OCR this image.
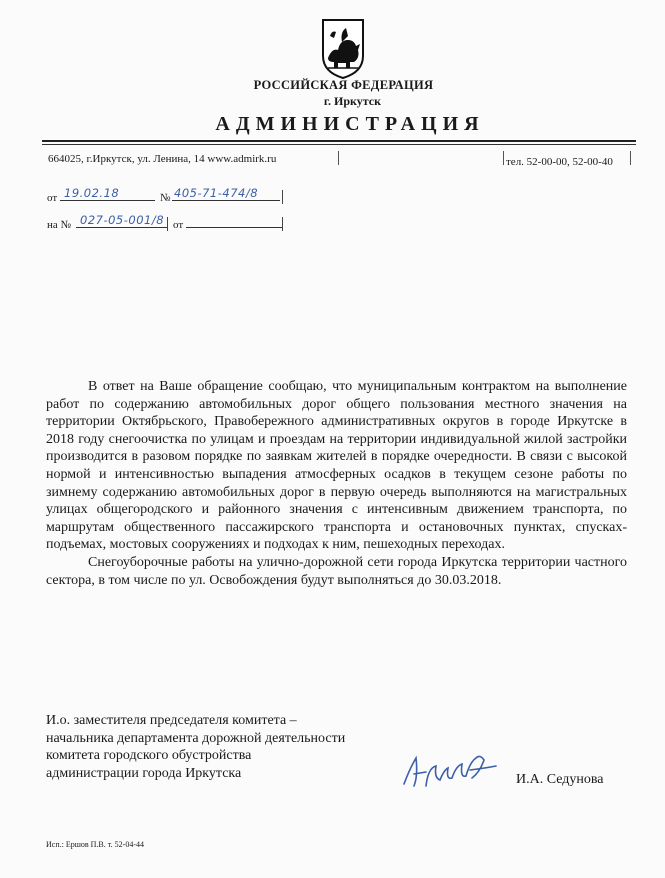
РОССИЙСКАЯ ФЕДЕРАЦИЯ
г. Иркутск
АДМИНИСТРАЦИЯ
664025, г.Иркутск, ул. Ленина, 14 www.admirk.ru	тел. 52-00-00, 52-00-40
от 19.02.18	№ 405-71-474/8
на № 027-05-001/8 от

В ответ на Ваше обращение сообщаю, что муниципальным контрактом на выполнение работ по содержанию автомобильных дорог общего пользования местного значения на территории Октябрьского, Правобережного административных округов в городе Иркутске в 2018 году снегоочистка по улицам и проездам на территории индивидуальной жилой застройки производится в разовом порядке по заявкам жителей в порядке очередности. В связи с высокой нормой и интенсивностью выпадения атмосферных осадков в текущем сезоне работы по зимнему содержанию автомобильных дорог в первую очередь выполняются на магистральных улицах общегородского и районного значения с интенсивным движением транспорта, по маршрутам общественного пассажирского транспорта и остановочных пунктах, спусках-подъемах, мостовых сооружениях и подходах к ним, пешеходных переходах.

Снегоуборочные работы на улично-дорожной сети города Иркутска территории частного сектора, в том числе по ул. Освобождения будут выполняться до 30.03.2018.

И.о. заместителя председателя комитета –
начальника департамента дорожной деятельности
комитета городского обустройства
администрации города Иркутска	И.А. Седунова
Исп.: Ершов П.В. т. 52-04-44
